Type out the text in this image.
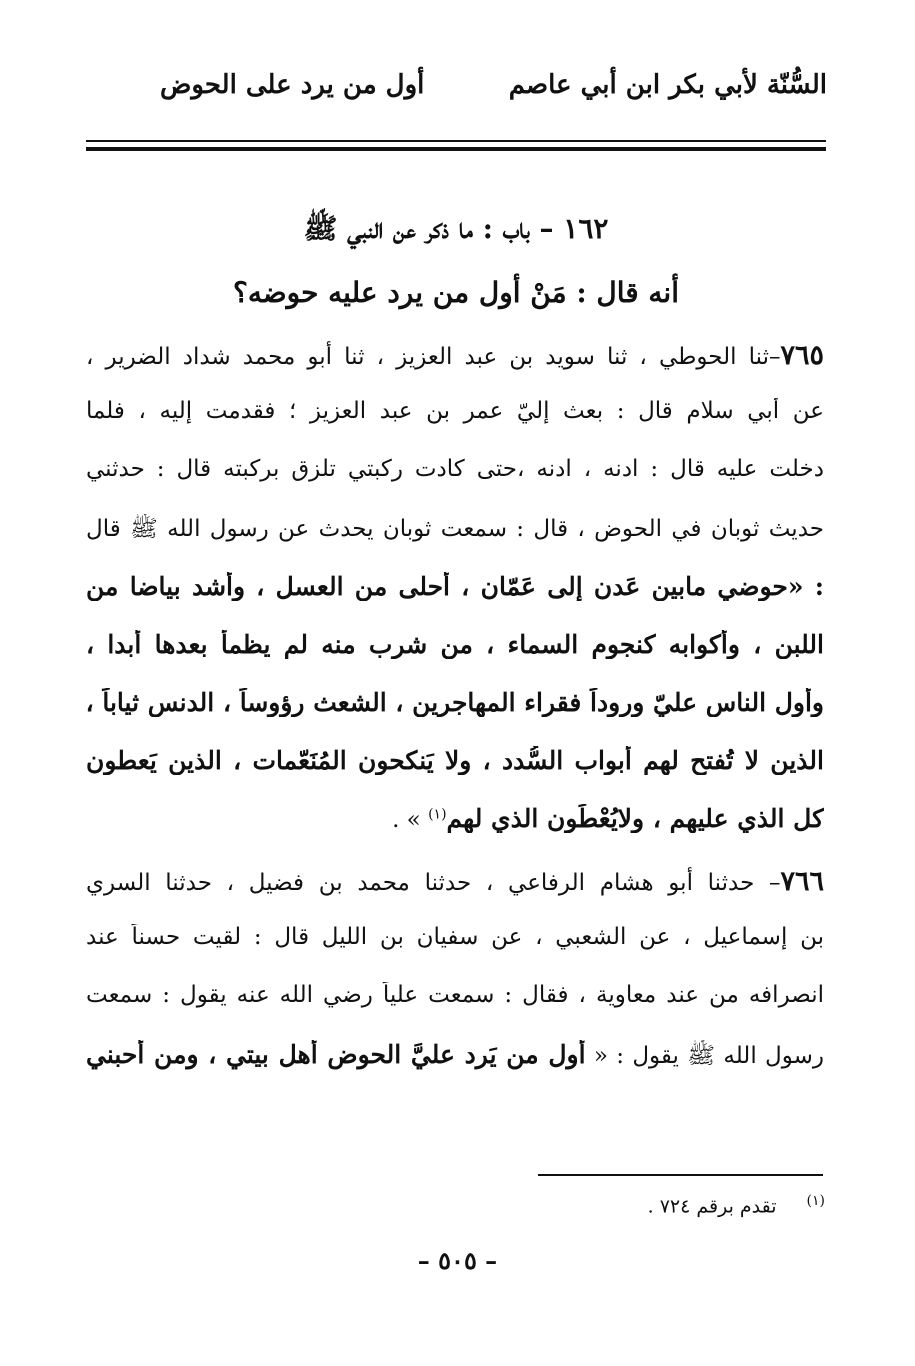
السُّنّة لأبي بكر ابن أبي عاصم
أول من يرد على الحوض
١٦٢ – باب : ما ذكر عن النبي ﷺ
أنه قال : مَنْ أول من يرد عليه حوضه؟
٧٦٥–ثنا الحوطي ، ثنا سويد بن عبد العزيز ، ثنا أبو محمد شداد الضرير ،
عن أبي سلام قال : بعث إليّ عمر بن عبد العزيز ؛ فقدمت إليه ، فلما
دخلت عليه قال : ادنه ، ادنه ،حتى كادت ركبتي تلزق بركبته قال : حدثني
حديث ثوبان في الحوض ، قال : سمعت ثوبان يحدث عن رسول الله ﷺ قال
: «حوضي مابين عَدن إلى عَمّان ، أحلى من العسل ، وأشد بياضا من
اللبن ، وأكوابه كنجوم السماء ، من شرب منه لم يظمأ بعدها أبدا ،
وأول الناس عليّ وروداً فقراء المهاجرين ، الشعث رؤوساً ، الدنس ثياباً ،
الذين لا تُفتح لهم أبواب السُّدد ، ولا يَنكحون المُنَعّمات ، الذين يَعطون
كل الذي عليهم ، ولايُعْطَون الذي لهم$^{(١)}$ » .
٧٦٦– حدثنا أبو هشام الرفاعي ، حدثنا محمد بن فضيل ، حدثنا السري
بن إسماعيل ، عن الشعبي ، عن سفيان بن الليل قال : لقيت حسناً عند
انصرافه من عند معاوية ، فقال : سمعت علياً رضي الله عنه يقول : سمعت
رسول الله ﷺ يقول : « أول من يَرد عليَّ الحوض أهل بيتي ، ومن أحبني
$^{(١)}$تقدم برقم ٧٢٤ .
– ٥٠٥ –
